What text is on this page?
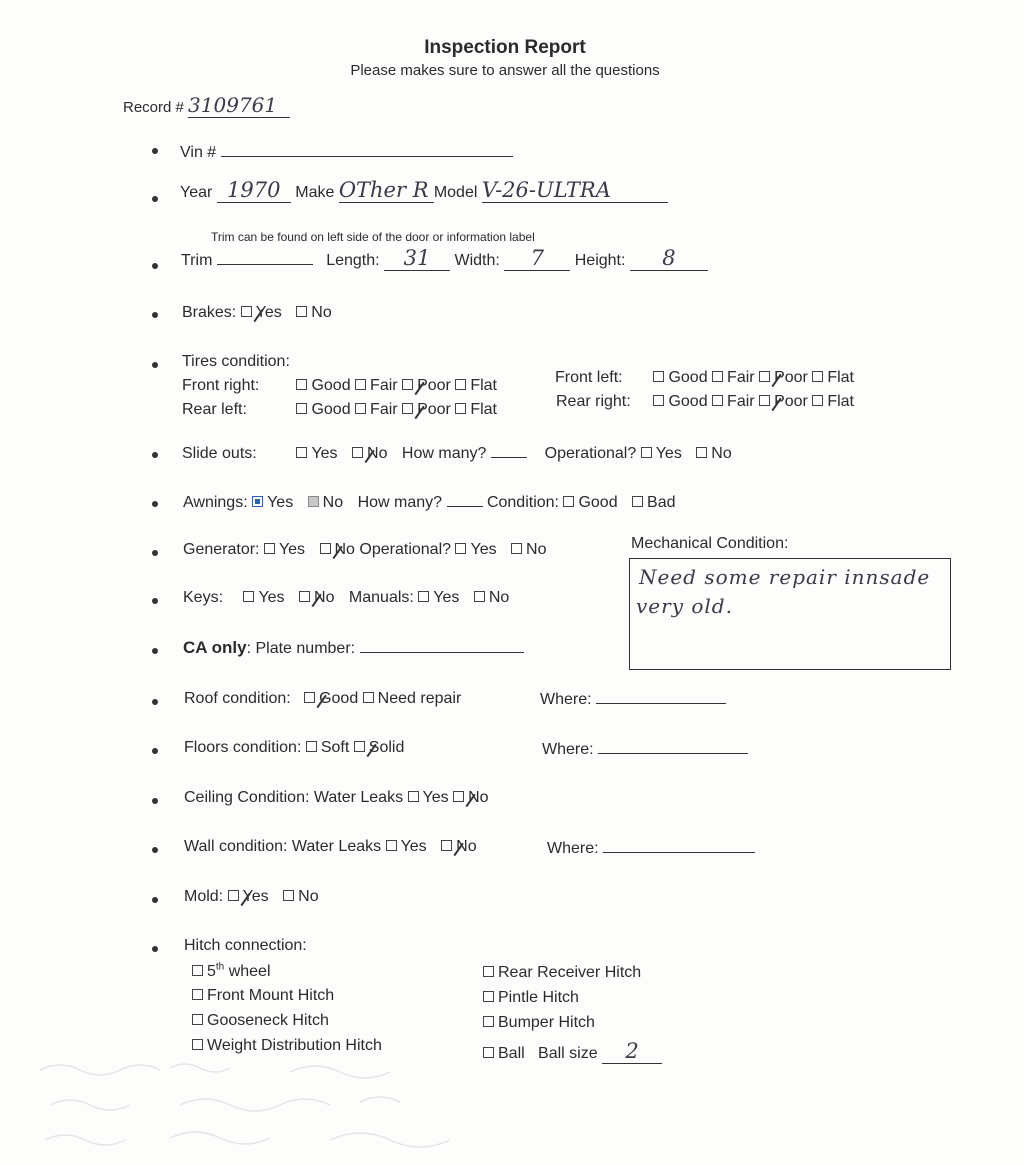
Inspection Report
Please makes sure to answer all the questions
Record # 3109761
Vin #
Year 1970 Make OTher R Model V-26-ULTRA
Trim can be found on left side of the door or information label
Trim	Length: 31 Width: 7 Height: 8
Brakes: Yes No
Tires condition:
Front right:	Good Fair Poor Flat
Rear left:	Good Fair Poor Flat
Front left:	Good Fair Poor Flat
Rear right: Good Fair Poor Flat
Slide outs:	Yes No How many?	Operational? Yes No
Awnings: Yes No How many?	Condition: Good Bad
Generator: Yes No Operational? Yes No	Mechanical Condition:
Need some repair innsade
very old.
Keys: Yes No Manuals: Yes No
CA only: Plate number:
Roof condition: Good Need repair	Where:
Floors condition: Soft Solid	Where:
Ceiling Condition: Water Leaks Yes No
Wall condition: Water Leaks Yes No	Where:
Mold: Yes No
Hitch connection:
5th wheel
Front Mount Hitch
Gooseneck Hitch
Weight Distribution Hitch
Rear Receiver Hitch
Pintle Hitch
Bumper Hitch
Ball Ball size 2
